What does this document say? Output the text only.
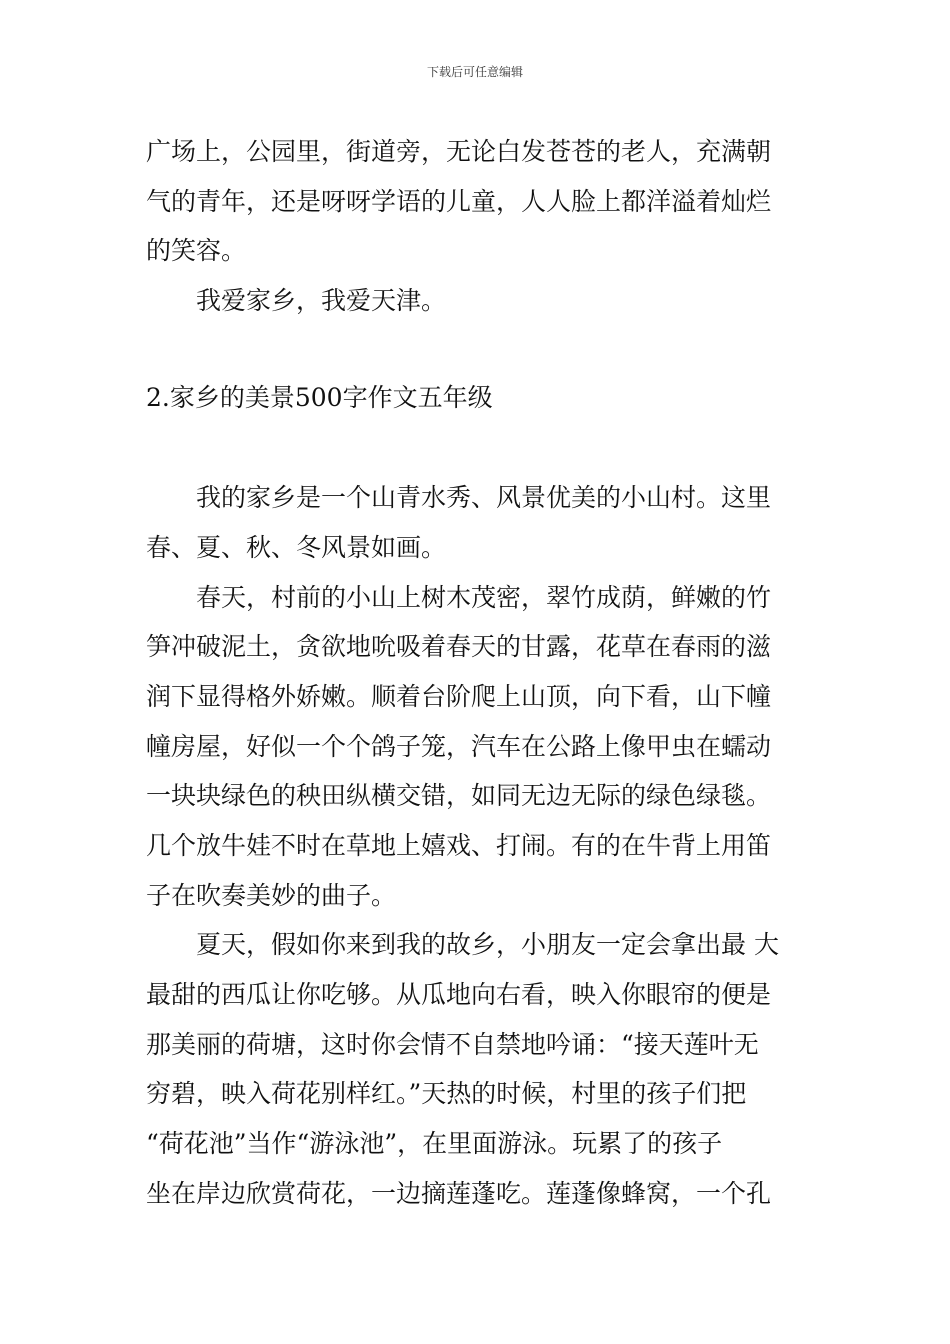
下载后可任意编辑
广场上，公园里，街道旁，无论白发苍苍的老人，充满朝
气的青年，还是呀呀学语的儿童，人人脸上都洋溢着灿烂
的笑容。
我爱家乡，我爱天津。
2.家乡的美景500字作文五年级
我的家乡是一个山青水秀、风景优美的小山村。这里
春、夏、秋、冬风景如画。
春天，村前的小山上树木茂密，翠竹成荫，鲜嫩的竹
笋冲破泥土，贪欲地吮吸着春天的甘露，花草在春雨的滋
润下显得格外娇嫩。顺着台阶爬上山顶，向下看，山下幢
幢房屋，好似一个个鸽子笼，汽车在公路上像甲虫在蠕动
一块块绿色的秧田纵横交错，如同无边无际的绿色绿毯。
几个放牛娃不时在草地上嬉戏、打闹。有的在牛背上用笛
子在吹奏美妙的曲子。
夏天，假如你来到我的故乡，小朋友一定会拿出最 大
最甜的西瓜让你吃够。从瓜地向右看，映入你眼帘的便是
那美丽的荷塘，这时你会情不自禁地吟诵：“接天莲叶无
穷碧，映入荷花别样红。”天热的时候，村里的孩子们把
“荷花池”当作“游泳池”，在里面游泳。玩累了的孩子
坐在岸边欣赏荷花，一边摘莲蓬吃。莲蓬像蜂窝，一个孔
